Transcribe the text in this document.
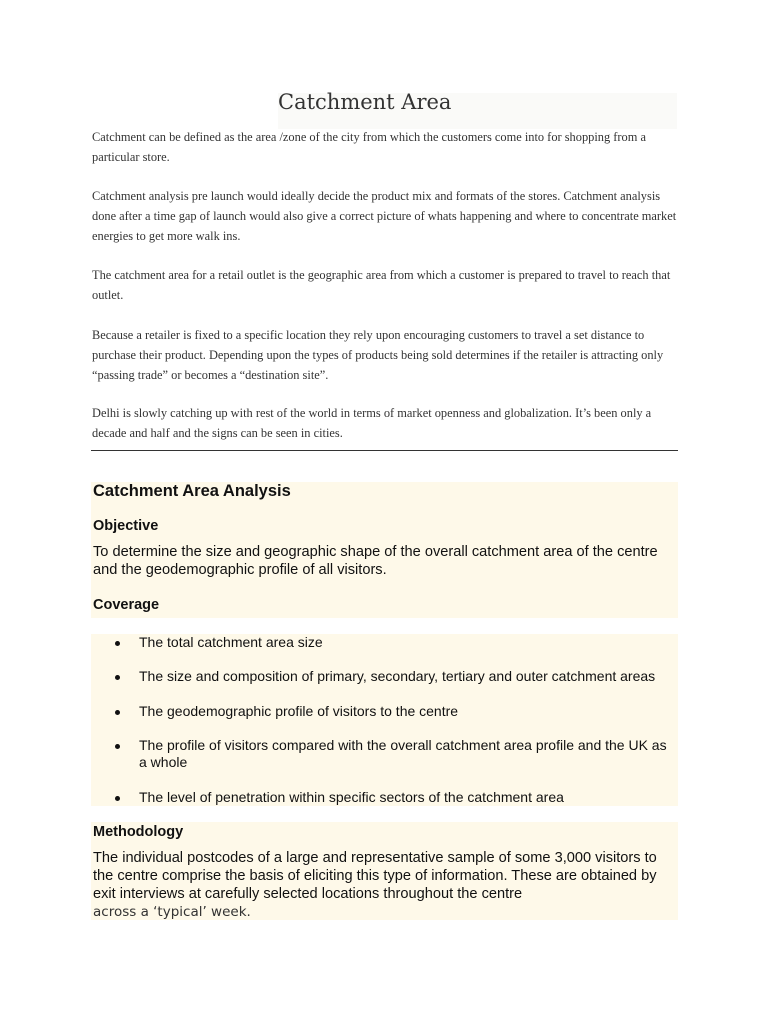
Catchment Area

Catchment can be defined as the area /zone of the city from which the customers come into for shopping from a particular store.

Catchment analysis pre launch would ideally decide the product mix and formats of the stores. Catchment analysis done after a time gap of launch would also give a correct picture of whats happening and where to concentrate market energies to get more walk ins.

The catchment area for a retail outlet is the geographic area from which a customer is prepared to travel to reach that outlet.

Because a retailer is fixed to a specific location they rely upon encouraging customers to travel a set distance to purchase their product. Depending upon the types of products being sold determines if the retailer is attracting only “passing trade” or becomes a “destination site”.

Delhi is slowly catching up with rest of the world in terms of market openness and globalization. It’s been only a decade and half and the signs can be seen in cities.

Catchment Area Analysis
Objective

To determine the size and geographic shape of the overall catchment area of the centre and the geodemographic profile of all visitors.

Coverage
The total catchment area size
The size and composition of primary, secondary, tertiary and outer catchment areas
The geodemographic profile of visitors to the centre
The profile of visitors compared with the overall catchment area profile and the UK as a whole
The level of penetration within specific sectors of the catchment area
Methodology

The individual postcodes of a large and representative sample of some 3,000 visitors to the centre comprise the basis of eliciting this type of information. These are obtained by exit interviews at carefully selected locations throughout the centre
across a ‘typical’ week.
